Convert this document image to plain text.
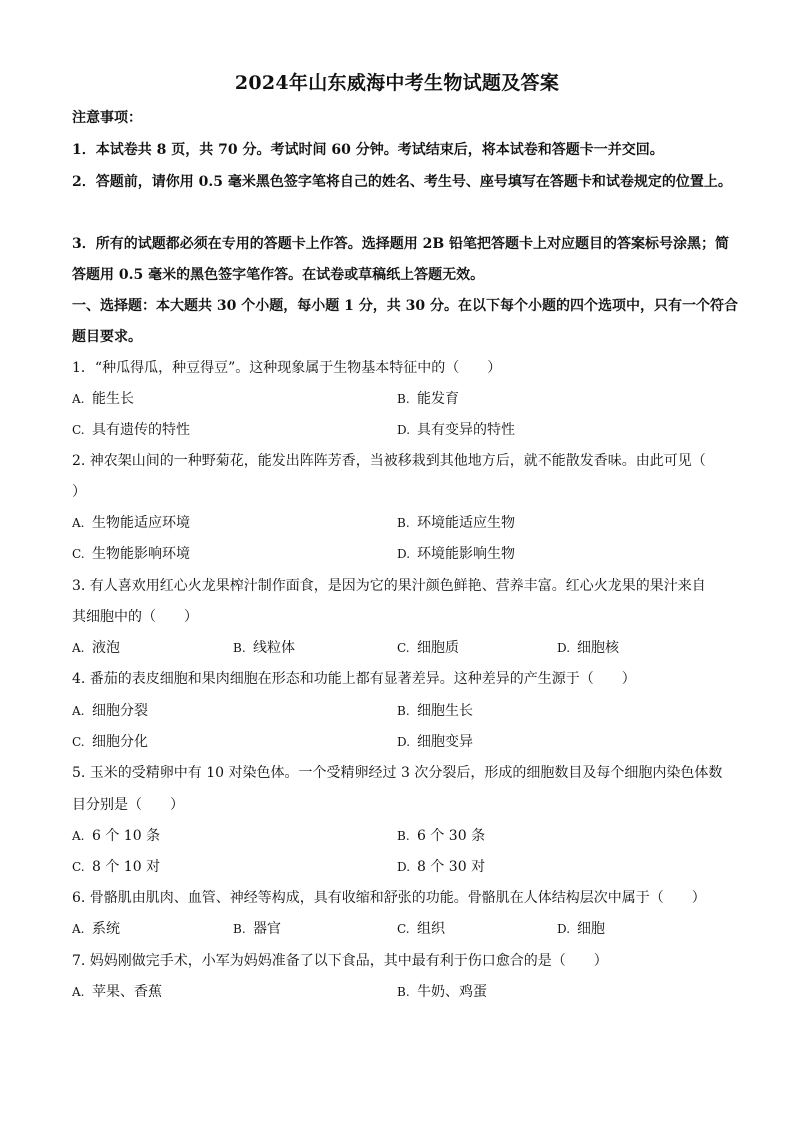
2024年山东威海中考生物试题及答案
注意事项：
1．本试卷共 8 页，共 70 分。考试时间 60 分钟。考试结束后，将本试卷和答题卡一并交回。
2．答题前，请你用 0.5 毫米黑色签字笔将自己的姓名、考生号、座号填写在答题卡和试卷规定的位置上。
3．所有的试题都必须在专用的答题卡上作答。选择题用 2B 铅笔把答题卡上对应题目的答案标号涂黑；简
答题用 0.5 毫米的黑色签字笔作答。在试卷或草稿纸上答题无效。
一、选择题：本大题共 30 个小题，每小题 1 分，共 30 分。在以下每个小题的四个选项中，只有一个符合
题目要求。
1．“种瓜得瓜，种豆得豆”。这种现象属于生物基本特征中的（　　）
A. 能生长	B. 能发育
C. 具有遗传的特性	D. 具有变异的特性
2. 神农架山间的一种野菊花，能发出阵阵芳香，当被移栽到其他地方后，就不能散发香味。由此可见（
）
A. 生物能适应环境	B. 环境能适应生物
C. 生物能影响环境	D. 环境能影响生物
3. 有人喜欢用红心火龙果榨汁制作面食，是因为它的果汁颜色鲜艳、营养丰富。红心火龙果的果汁来自
其细胞中的（　　）
A. 液泡	B. 线粒体	C. 细胞质	D. 细胞核
4. 番茄的表皮细胞和果肉细胞在形态和功能上都有显著差异。这种差异的产生源于（　　）
A. 细胞分裂	B. 细胞生长
C. 细胞分化	D. 细胞变异
5. 玉米的受精卵中有 10 对染色体。一个受精卵经过 3 次分裂后，形成的细胞数目及每个细胞内染色体数
目分别是（　　）
A. 6 个 10 条	B. 6 个 30 条
C. 8 个 10 对	D. 8 个 30 对
6. 骨骼肌由肌肉、血管、神经等构成，具有收缩和舒张的功能。骨骼肌在人体结构层次中属于（　　）
A. 系统	B. 器官	C. 组织	D. 细胞
7. 妈妈刚做完手术，小军为妈妈准备了以下食品，其中最有利于伤口愈合的是（　　）
A. 苹果、香蕉	B. 牛奶、鸡蛋
